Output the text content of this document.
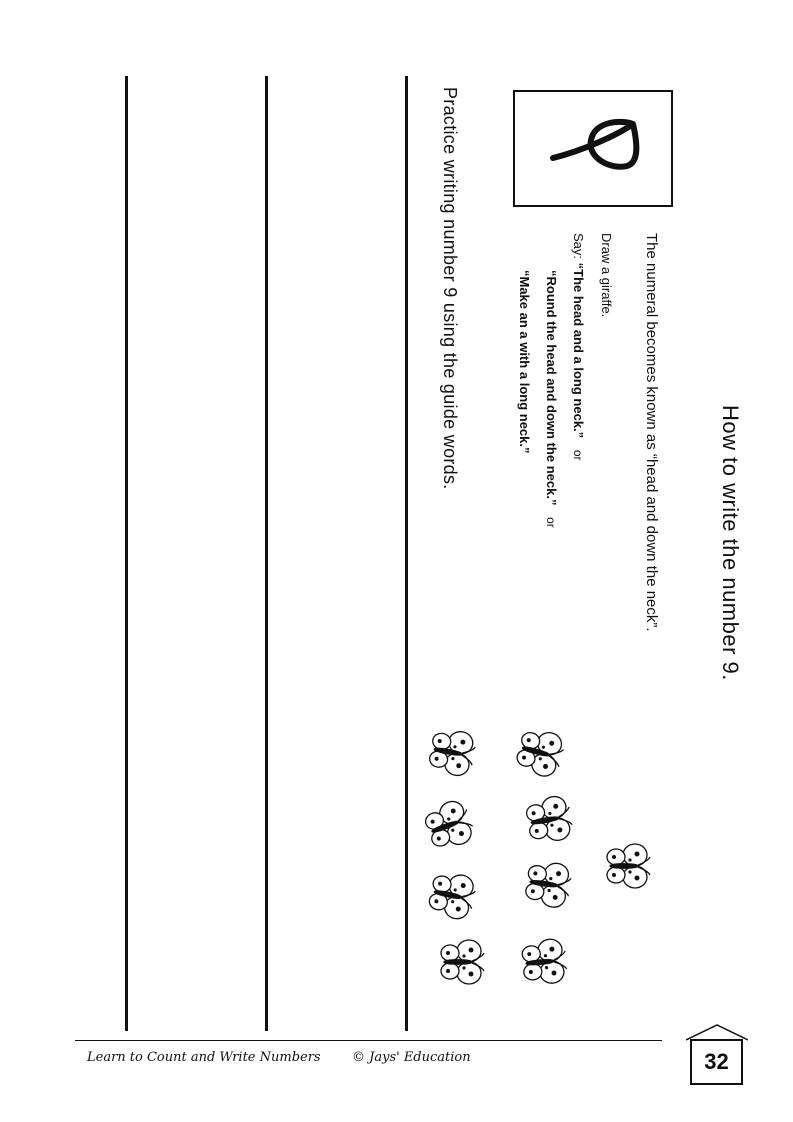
How to write the number 9.
The numeral becomes known as “head and down the neck”.
Draw a giraffe.
Say: “The head and a long neck.” or
“Round the head and down the neck.” or
“Make an a with a long neck.”
Practice writing number 9 using the guide words.
Learn to Count and Write Numbers © Jays' Education	32
